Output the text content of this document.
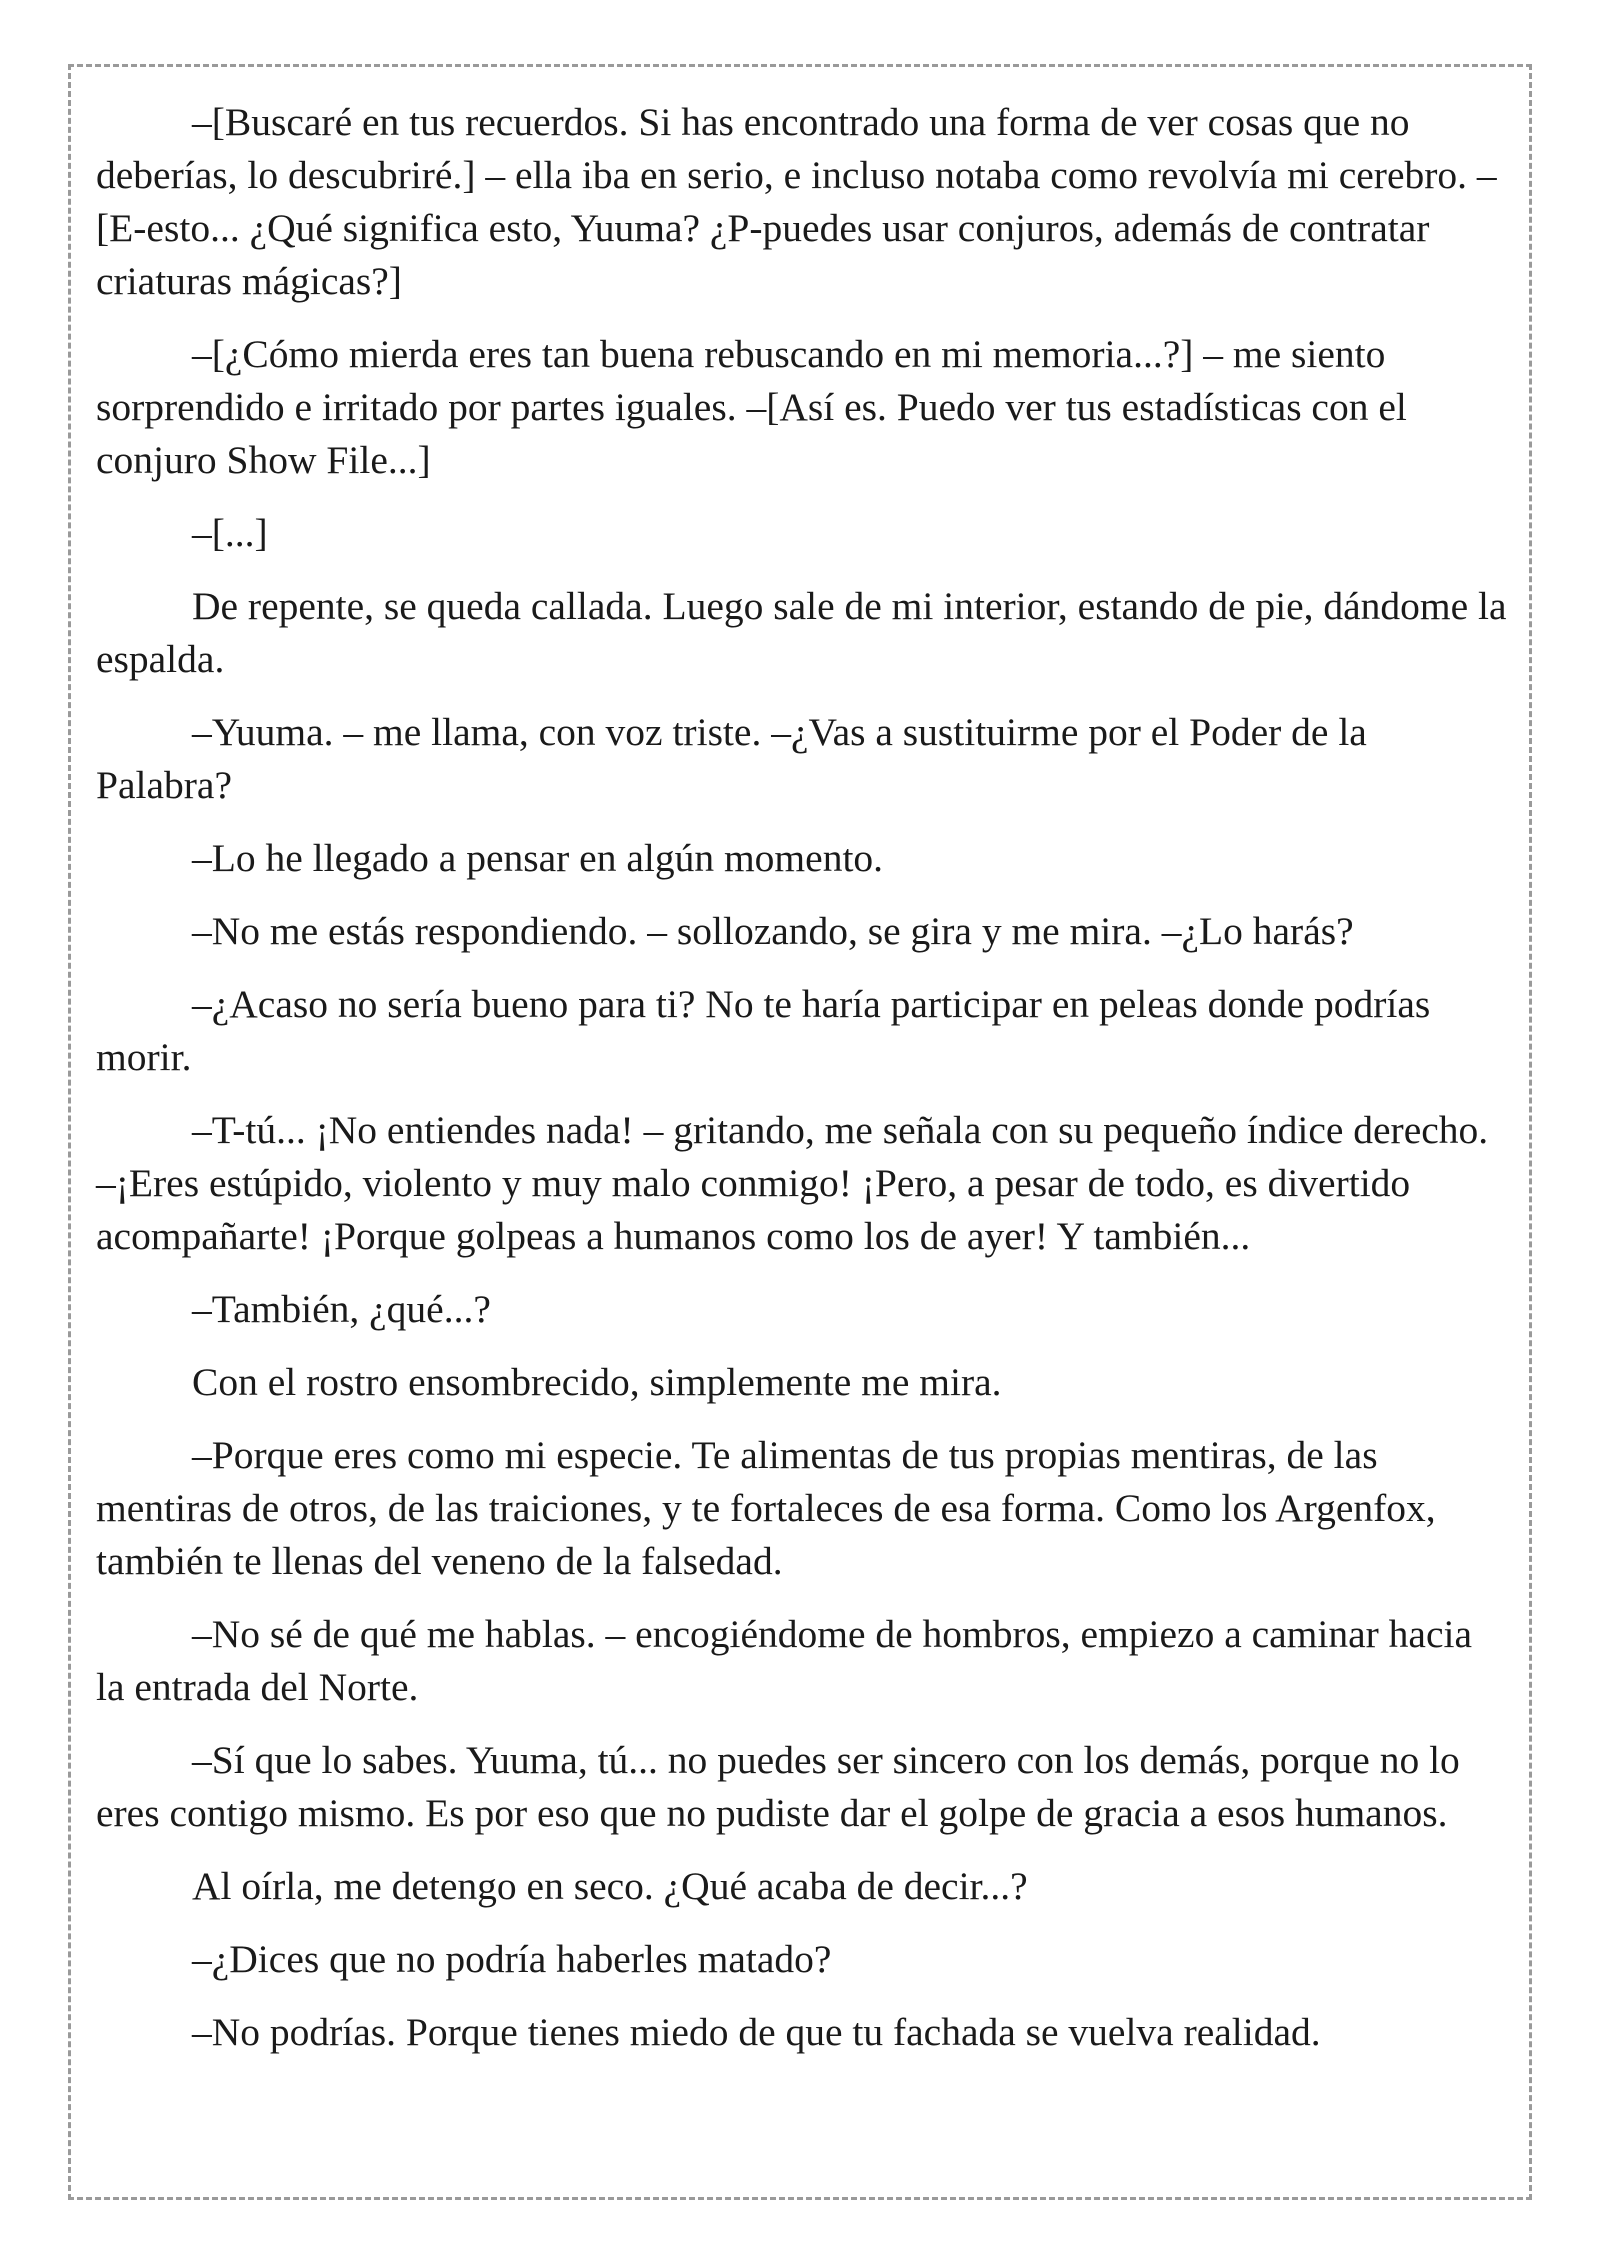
–[Buscaré en tus recuerdos. Si has encontrado una forma de ver cosas que no deberías, lo descubriré.] – ella iba en serio, e incluso notaba como revolvía mi cerebro. –[E-esto... ¿Qué significa esto, Yuuma? ¿P-puedes usar conjuros, además de contratar criaturas mágicas?]

–[¿Cómo mierda eres tan buena rebuscando en mi memoria...?] – me siento sorprendido e irritado por partes iguales. –[Así es. Puedo ver tus estadísticas con el conjuro Show File...]

–[...]

De repente, se queda callada. Luego sale de mi interior, estando de pie, dándome la espalda.

–Yuuma. – me llama, con voz triste. –¿Vas a sustituirme por el Poder de la Palabra?

–Lo he llegado a pensar en algún momento.

–No me estás respondiendo. – sollozando, se gira y me mira. –¿Lo harás?

–¿Acaso no sería bueno para ti? No te haría participar en peleas donde podrías morir.

–T-tú... ¡No entiendes nada! – gritando, me señala con su pequeño índice derecho. –¡Eres estúpido, violento y muy malo conmigo! ¡Pero, a pesar de todo, es divertido acompañarte! ¡Porque golpeas a humanos como los de ayer! Y también...

–También, ¿qué...?

Con el rostro ensombrecido, simplemente me mira.

–Porque eres como mi especie. Te alimentas de tus propias mentiras, de las mentiras de otros, de las traiciones, y te fortaleces de esa forma. Como los Argenfox, también te llenas del veneno de la falsedad.

–No sé de qué me hablas. – encogiéndome de hombros, empiezo a caminar hacia la entrada del Norte.

–Sí que lo sabes. Yuuma, tú... no puedes ser sincero con los demás, porque no lo eres contigo mismo. Es por eso que no pudiste dar el golpe de gracia a esos humanos.

Al oírla, me detengo en seco. ¿Qué acaba de decir...?

–¿Dices que no podría haberles matado?

–No podrías. Porque tienes miedo de que tu fachada se vuelva realidad.
